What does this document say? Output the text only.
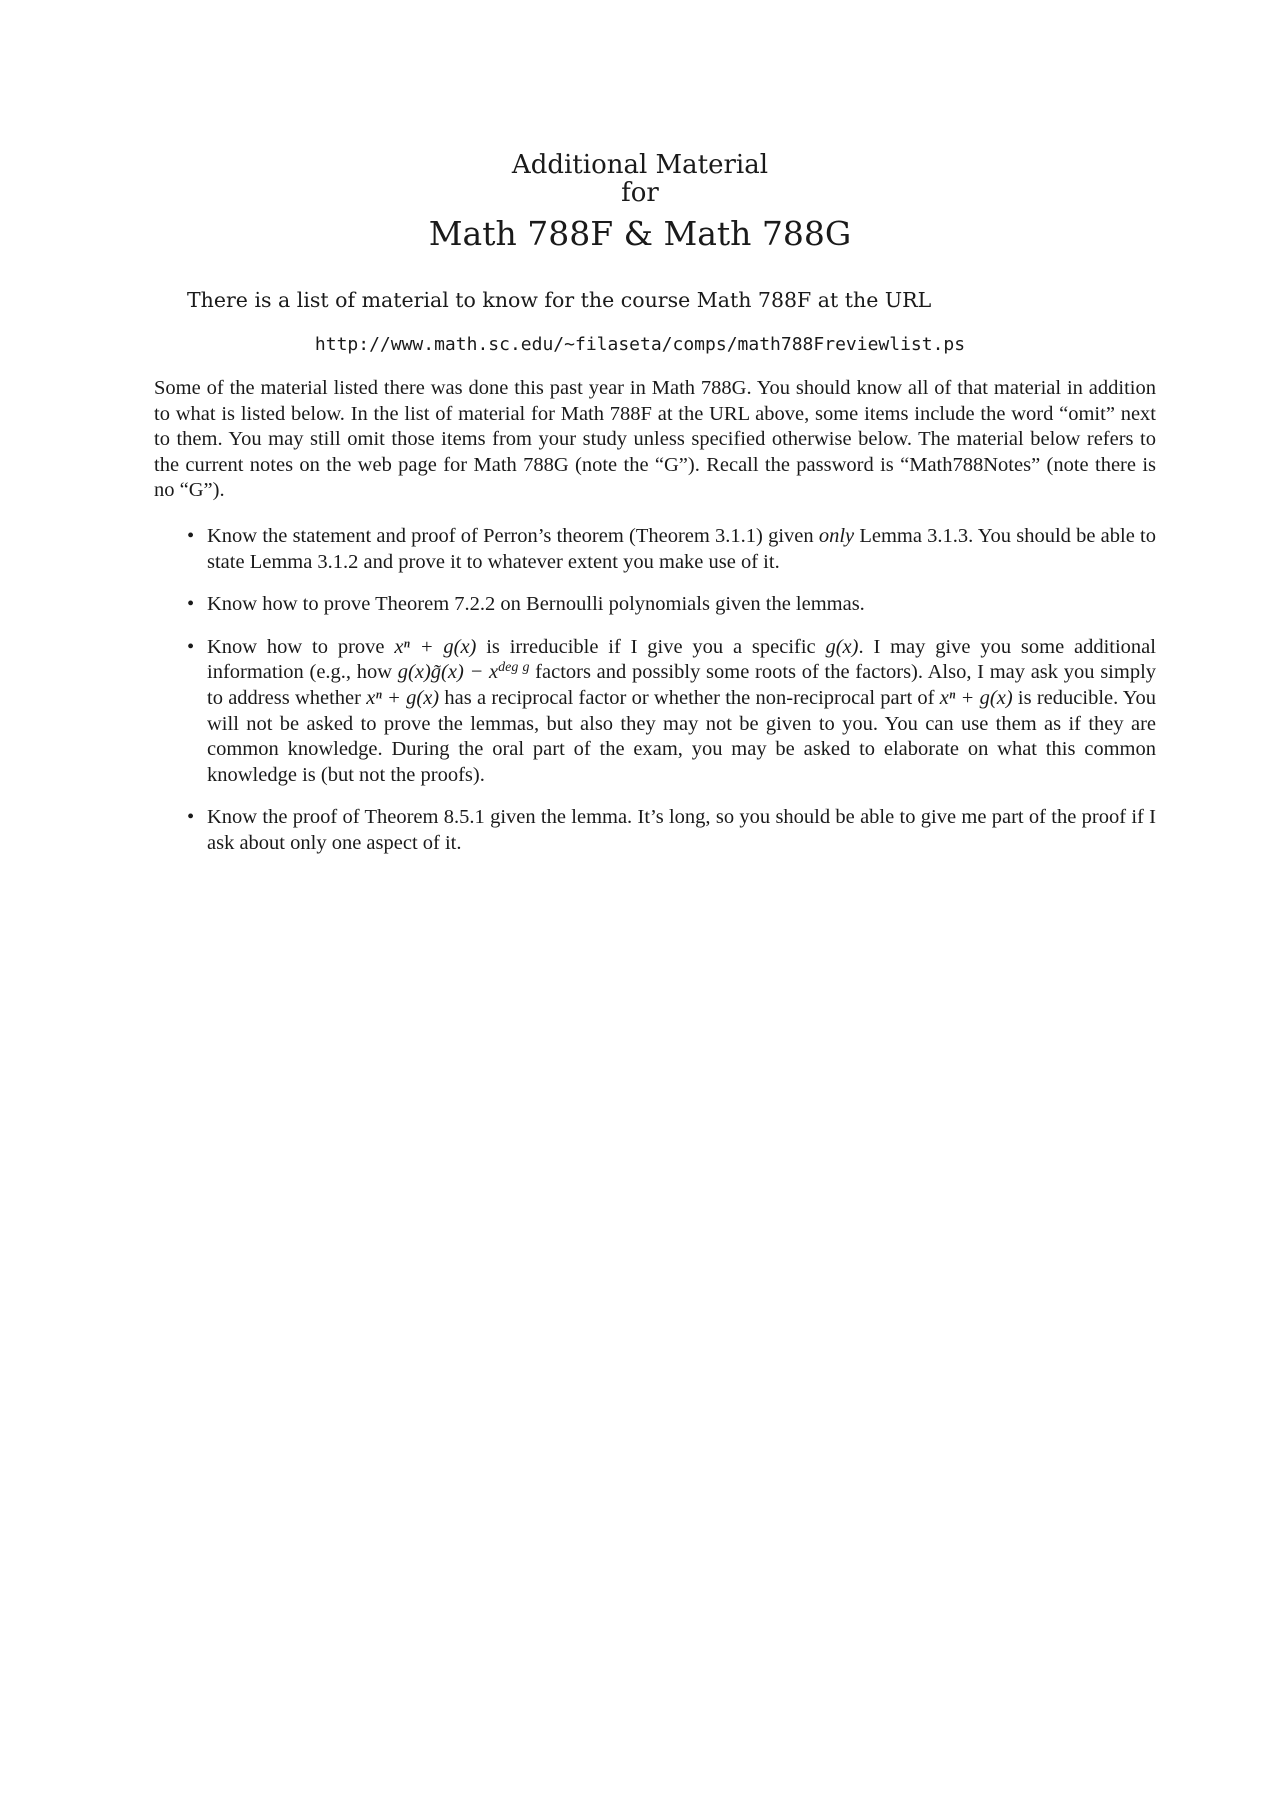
Additional Material
for
Math 788F & Math 788G

There is a list of material to know for the course Math 788F at the URL

http://www.math.sc.edu/~filaseta/comps/math788Freviewlist.ps

Some of the material listed there was done this past year in Math 788G. You should know all of that material in addition to what is listed below. In the list of material for Math 788F at the URL above, some items include the word “omit” next to them. You may still omit those items from your study unless specified otherwise below. The material below refers to the current notes on the web page for Math 788G (note the “G”). Recall the password is “Math788Notes” (note there is no “G”).

• Know the statement and proof of Perron’s theorem (Theorem 3.1.1) given only Lemma 3.1.3. You should be able to state Lemma 3.1.2 and prove it to whatever extent you make use of it.
• Know how to prove Theorem 7.2.2 on Bernoulli polynomials given the lemmas.
• Know how to prove xⁿ + g(x) is irreducible if I give you a specific g(x). I may give you some additional information (e.g., how g(x)g̃(x) − $x^{deg g}$ factors and possibly some roots of the factors). Also, I may ask you simply to address whether xⁿ + g(x) has a reciprocal factor or whether the non-reciprocal part of xⁿ + g(x) is reducible. You will not be asked to prove the lemmas, but also they may not be given to you. You can use them as if they are common knowledge. During the oral part of the exam, you may be asked to elaborate on what this common knowledge is (but not the proofs).
• Know the proof of Theorem 8.5.1 given the lemma. It’s long, so you should be able to give me part of the proof if I ask about only one aspect of it.
